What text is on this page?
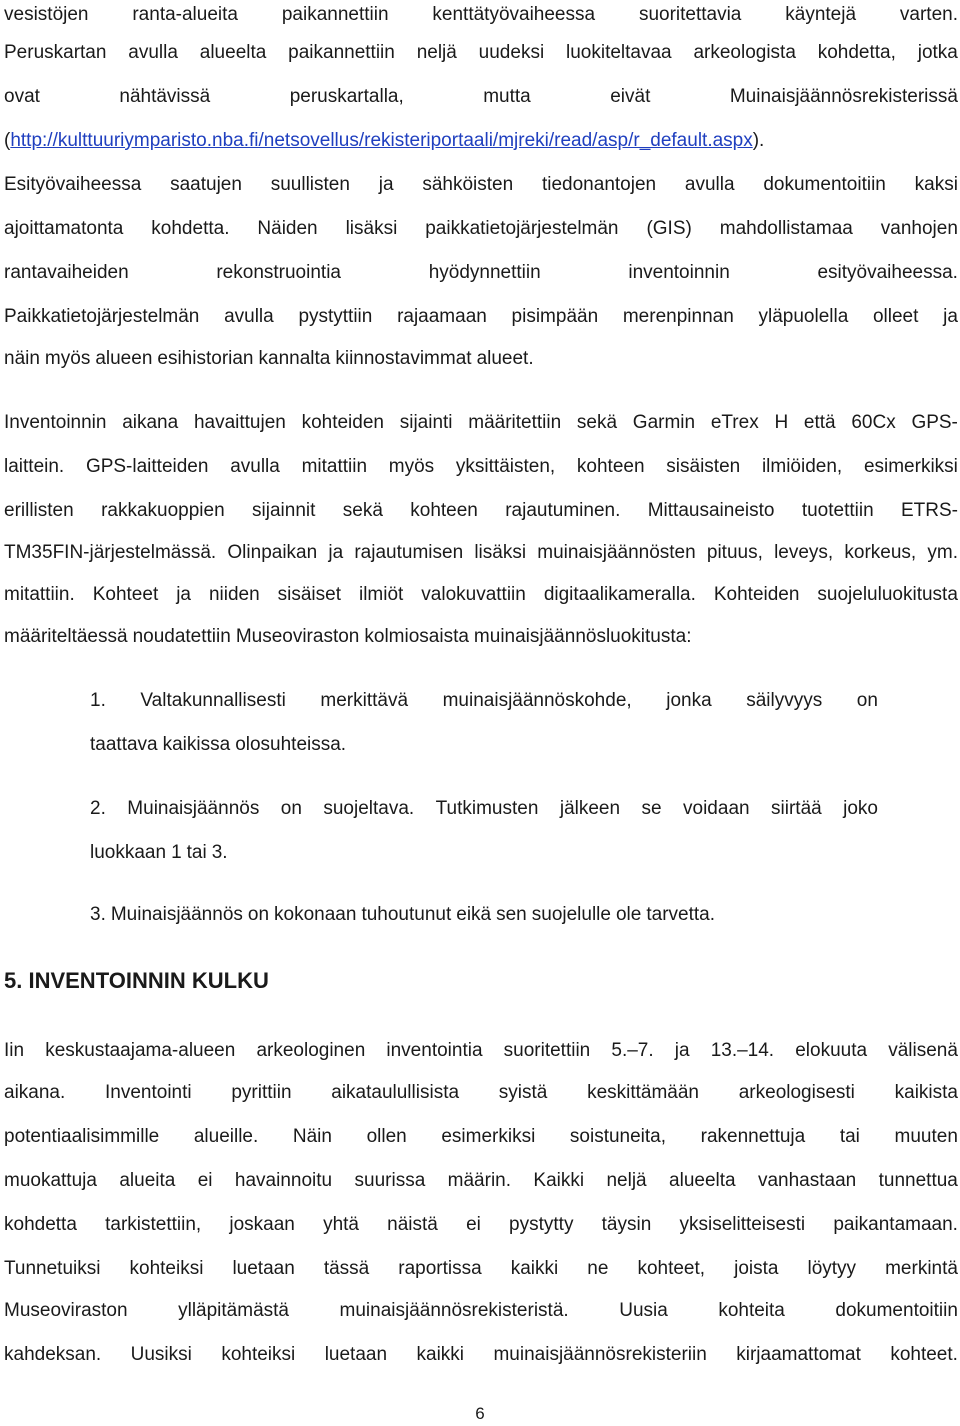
vesistöjen ranta-alueita paikannettiin kenttätyövaiheessa suoritettavia käyntejä varten.
Peruskartan avulla alueelta paikannettiin neljä uudeksi luokiteltavaa arkeologista kohdetta, jotka
ovat	nähtävissä	peruskartalla,	mutta	eivät	Muinaisjäännösrekisterissä
( http://kulttuuriymparisto.nba.fi/netsovellus/rekisteriportaali/mjreki/read/asp/r_default.aspx ).
Esityövaiheessa saatujen suullisten ja sähköisten tiedonantojen avulla dokumentoitiin kaksi
ajoittamatonta kohdetta. Näiden lisäksi paikkatietojärjestelmän (GIS) mahdollistamaa vanhojen
rantavaiheiden	rekonstruointia	hyödynnettiin	inventoinnin	esityövaiheessa.
Paikkatietojärjestelmän avulla pystyttiin rajaamaan pisimpään merenpinnan yläpuolella olleet ja
näin myös alueen esihistorian kannalta kiinnostavimmat alueet.
Inventoinnin aikana havaittujen kohteiden sijainti määritettiin sekä Garmin eTrex H että 60Cx GPS-
laittein. GPS-laitteiden avulla mitattiin myös yksittäisten, kohteen sisäisten ilmiöiden, esimerkiksi
erillisten rakkakuoppien sijainnit sekä kohteen rajautuminen. Mittausaineisto tuotettiin ETRS-
TM35FIN-järjestelmässä. Olinpaikan ja rajautumisen lisäksi muinaisjäännösten pituus, leveys, korkeus, ym.
mitattiin. Kohteet ja niiden sisäiset ilmiöt valokuvattiin digitaalikameralla. Kohteiden suojeluluokitusta
määriteltäessä noudatettiin Museoviraston kolmiosaista muinaisjäännösluokitusta:
1. Valtakunnallisesti merkittävä muinaisjäännöskohde, jonka säilyvyys on
taattava kaikissa olosuhteissa.
2. Muinaisjäännös on suojeltava. Tutkimusten jälkeen se voidaan siirtää joko
luokkaan 1 tai 3.
3. Muinaisjäännös on kokonaan tuhoutunut eikä sen suojelulle ole tarvetta.
5. INVENTOINNIN KULKU
Iin keskustaajama-alueen arkeologinen inventointia suoritettiin 5.–7. ja 13.–14. elokuuta välisenä
aikana. Inventointi pyrittiin aikataulullisista syistä keskittämään arkeologisesti kaikista
potentiaalisimmille alueille. Näin ollen esimerkiksi soistuneita, rakennettuja tai muuten
muokattuja alueita ei havainnoitu suurissa määrin. Kaikki neljä alueelta vanhastaan tunnettua
kohdetta tarkistettiin, joskaan yhtä näistä ei pystytty täysin yksiselitteisesti paikantamaan.
Tunnetuiksi kohteiksi luetaan tässä raportissa kaikki ne kohteet, joista löytyy merkintä
Museoviraston	ylläpitämästä	muinaisjäännösrekisteristä.	Uusia	kohteita	dokumentoitiin
kahdeksan. Uusiksi kohteiksi luetaan kaikki muinaisjäännösrekisteriin kirjaamattomat kohteet.
6
